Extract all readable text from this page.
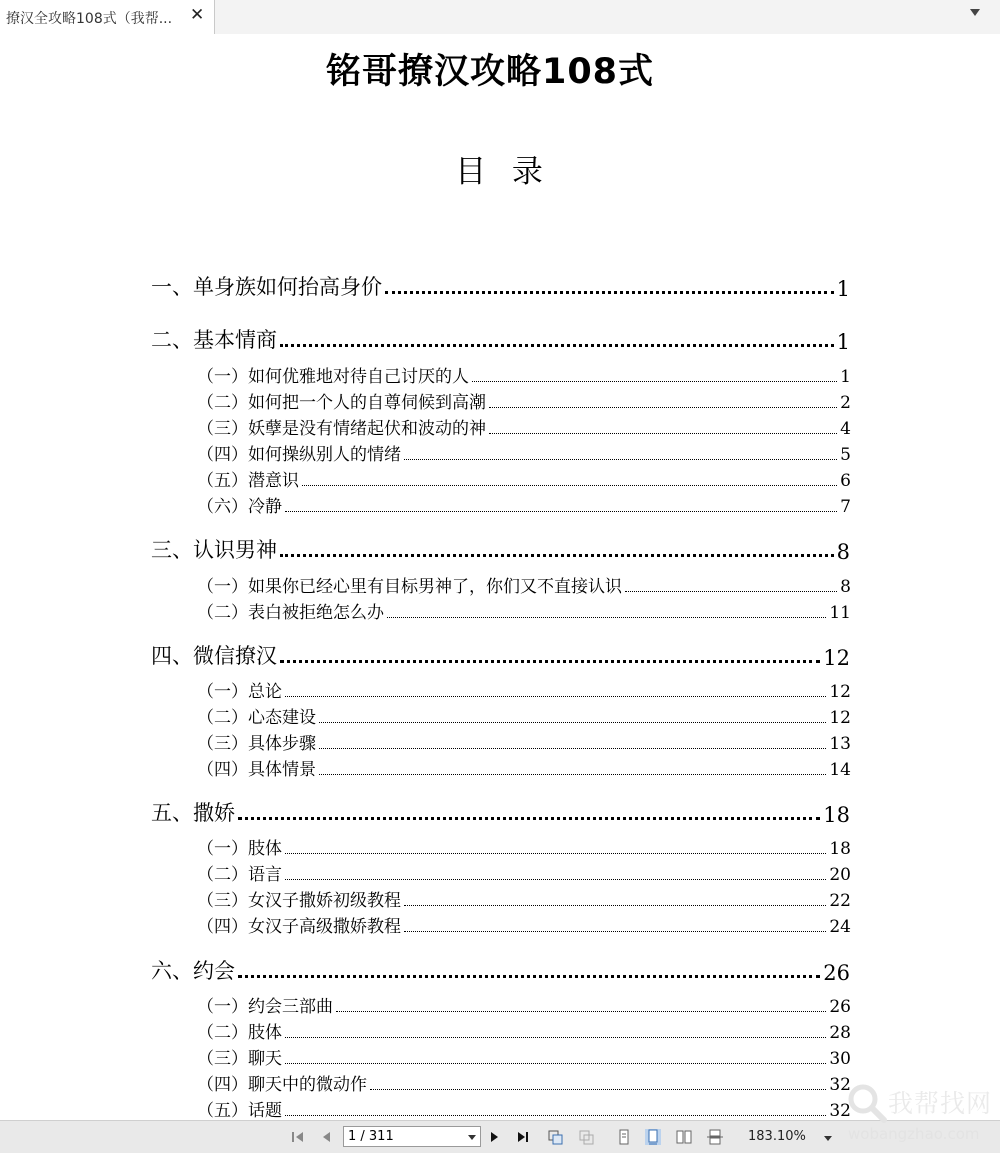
撩汉全攻略108式（我帮... ✕
铭哥撩汉攻略108式
目 录
一、单身族如何抬高身价	1
二、基本情商	1
（一）如何优雅地对待自己讨厌的人	1
（二）如何把一个人的自尊伺候到高潮	2
（三）妖孽是没有情绪起伏和波动的神	4
（四）如何操纵别人的情绪	5
（五）潜意识	6
（六）冷静	7
三、认识男神	8
（一）如果你已经心里有目标男神了，你们又不直接认识	8
（二）表白被拒绝怎么办	11
四、微信撩汉	12
（一）总论	12
（二）心态建设	12
（三）具体步骤	13
（四）具体情景	14
五、撒娇	18
（一）肢体	18
（二）语言	20
（三）女汉子撒娇初级教程	22
（四）女汉子高级撒娇教程	24
六、约会	26
（一）约会三部曲	26
（二）肢体	28
（三）聊天	30
（四）聊天中的微动作	32
（五）话题	32
1 / 311	183.10%
我帮找网
wobangzhao.com
